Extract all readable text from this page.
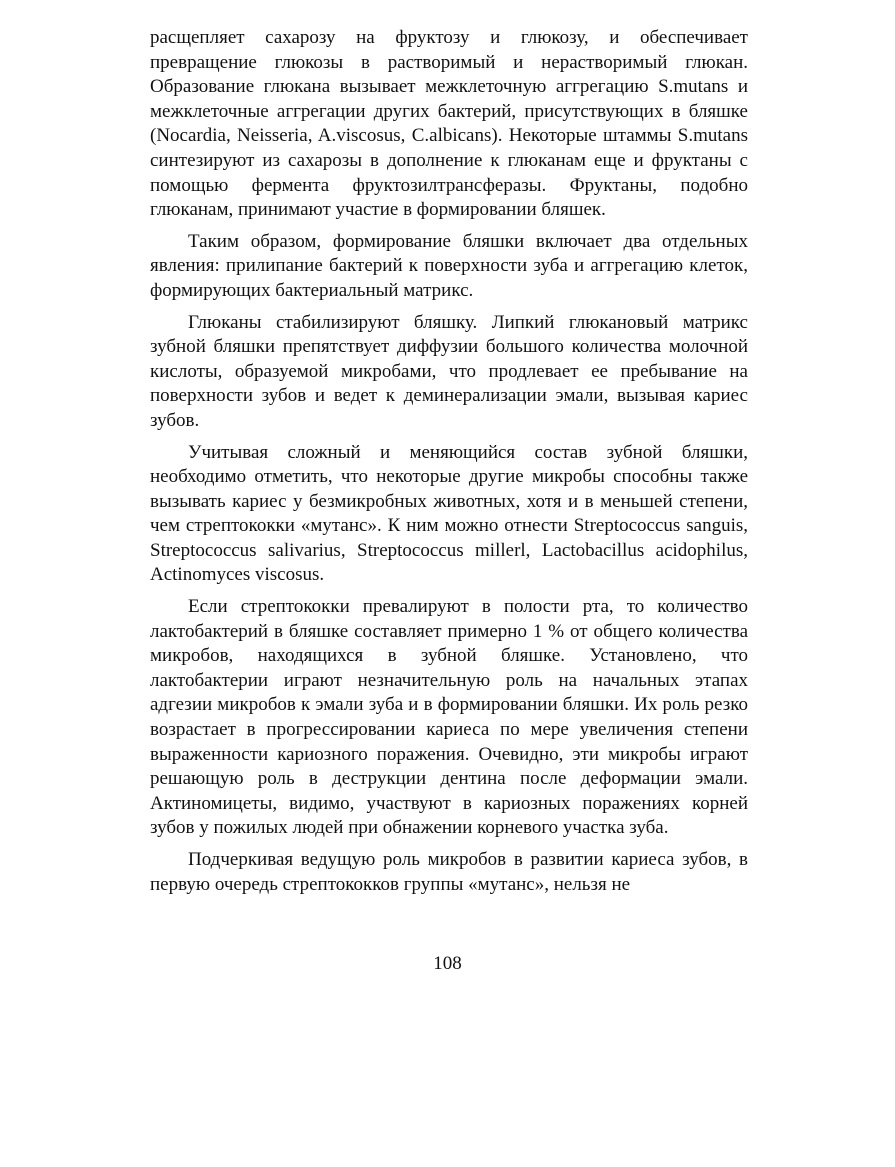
расщепляет сахарозу на фруктозу и глюкозу, и обеспечивает превращение глюкозы в растворимый и нерастворимый глюкан. Образование глюкана вызывает межклеточную аггрегацию S.mutans и межклеточные аггрегации других бактерий, присутствующих в бляшке (Nocardia, Neisseria, A.viscosus, C.albicans). Некоторые штаммы S.mutans синтезируют из сахарозы в дополнение к глюканам еще и фруктаны с помощью фермента фруктозилтрансферазы. Фруктаны, подобно глюканам, принимают участие в формировании бляшек.

Таким образом, формирование бляшки включает два отдельных явления: прилипание бактерий к поверхности зуба и аггрегацию клеток, формирующих бактериальный матрикс.

Глюканы стабилизируют бляшку. Липкий глюкановый матрикс зубной бляшки препятствует диффузии большого количества молочной кислоты, образуемой микробами, что продлевает ее пребывание на поверхности зубов и ведет к деминерализации эмали, вызывая кариес зубов.

Учитывая сложный и меняющийся состав зубной бляшки, необходимо отметить, что некоторые другие микробы способны также вызывать кариес у безмикробных животных, хотя и в меньшей степени, чем стрептококки «мутанс». К ним можно отнести Streptococcus sanguis, Streptococcus salivarius, Streptococcus millerl, Lactobacillus acidophilus, Actinomyces viscosus.

Если стрептококки превалируют в полости рта, то количество лактобактерий в бляшке составляет примерно 1 % от общего количества микробов, находящихся в зубной бляшке. Установлено, что лактобактерии играют незначительную роль на начальных этапах адгезии микробов к эмали зуба и в формировании бляшки. Их роль резко возрастает в прогрессировании кариеса по мере увеличения степени выраженности кариозного поражения. Очевидно, эти микробы играют решающую роль в деструкции дентина после деформации эмали. Актиномицеты, видимо, участвуют в кариозных поражениях корней зубов у пожилых людей при обнажении корневого участка зуба.

Подчеркивая ведущую роль микробов в развитии кариеса зубов, в первую очередь стрептококков группы «мутанс», нельзя не

108
